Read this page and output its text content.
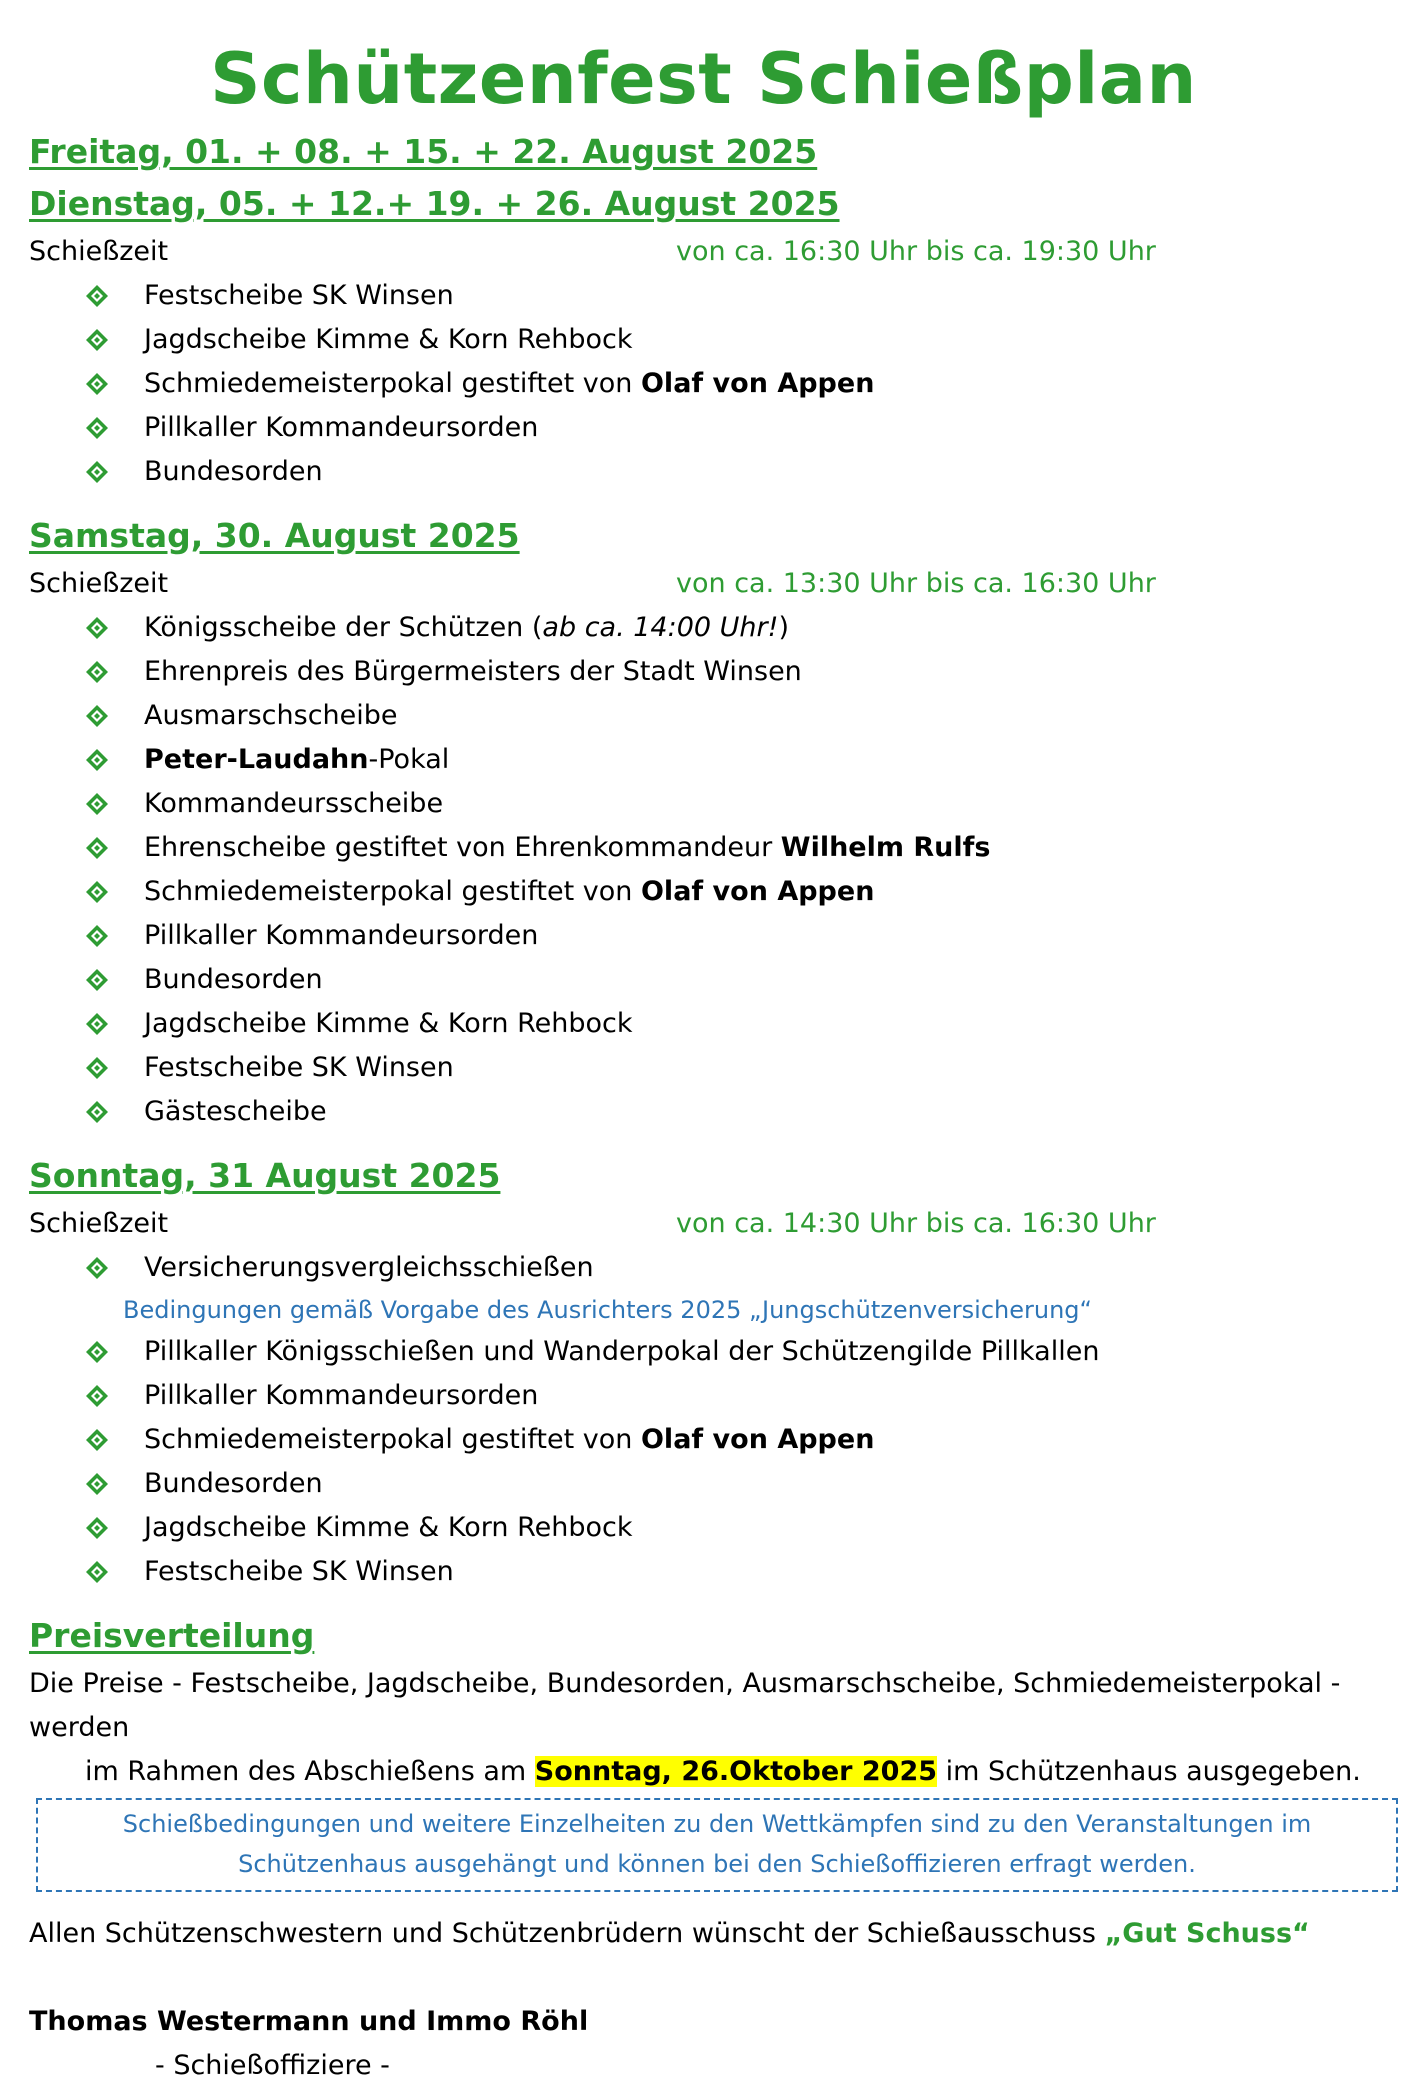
Schützenfest Schießplan
Freitag, 01. + 08. + 15. + 22. August 2025
Dienstag, 05. + 12.+ 19. + 26. August 2025
Schießzeit	von ca. 16:30 Uhr bis ca. 19:30 Uhr
Festscheibe SK Winsen
Jagdscheibe Kimme & Korn Rehbock
Schmiedemeisterpokal gestiftet von Olaf von Appen
Pillkaller Kommandeursorden
Bundesorden
Samstag, 30. August 2025
Schießzeit	von ca. 13:30 Uhr bis ca. 16:30 Uhr
Königsscheibe der Schützen (ab ca. 14:00 Uhr!)
Ehrenpreis des Bürgermeisters der Stadt Winsen
Ausmarschscheibe
Peter-Laudahn-Pokal
Kommandeursscheibe
Ehrenscheibe gestiftet von Ehrenkommandeur Wilhelm Rulfs
Schmiedemeisterpokal gestiftet von Olaf von Appen
Pillkaller Kommandeursorden
Bundesorden
Jagdscheibe Kimme & Korn Rehbock
Festscheibe SK Winsen
Gästescheibe
Sonntag, 31 August 2025
Schießzeit	von ca. 14:30 Uhr bis ca. 16:30 Uhr
Versicherungsvergleichsschießen
Bedingungen gemäß Vorgabe des Ausrichters 2025 „Jungschützenversicherung“
Pillkaller Königsschießen und Wanderpokal der Schützengilde Pillkallen
Pillkaller Kommandeursorden
Schmiedemeisterpokal gestiftet von Olaf von Appen
Bundesorden
Jagdscheibe Kimme & Korn Rehbock
Festscheibe SK Winsen
Preisverteilung
Die Preise - Festscheibe, Jagdscheibe, Bundesorden, Ausmarschscheibe, Schmiedemeisterpokal - werden
im Rahmen des Abschießens am Sonntag, 26.Oktober 2025 im Schützenhaus ausgegeben.
Schießbedingungen und weitere Einzelheiten zu den Wettkämpfen sind zu den Veranstaltungen im
Schützenhaus ausgehängt und können bei den Schießoffizieren erfragt werden.
Allen Schützenschwestern und Schützenbrüdern wünscht der Schießausschuss „Gut Schuss“
Thomas Westermann und Immo Röhl
- Schießoffiziere -
